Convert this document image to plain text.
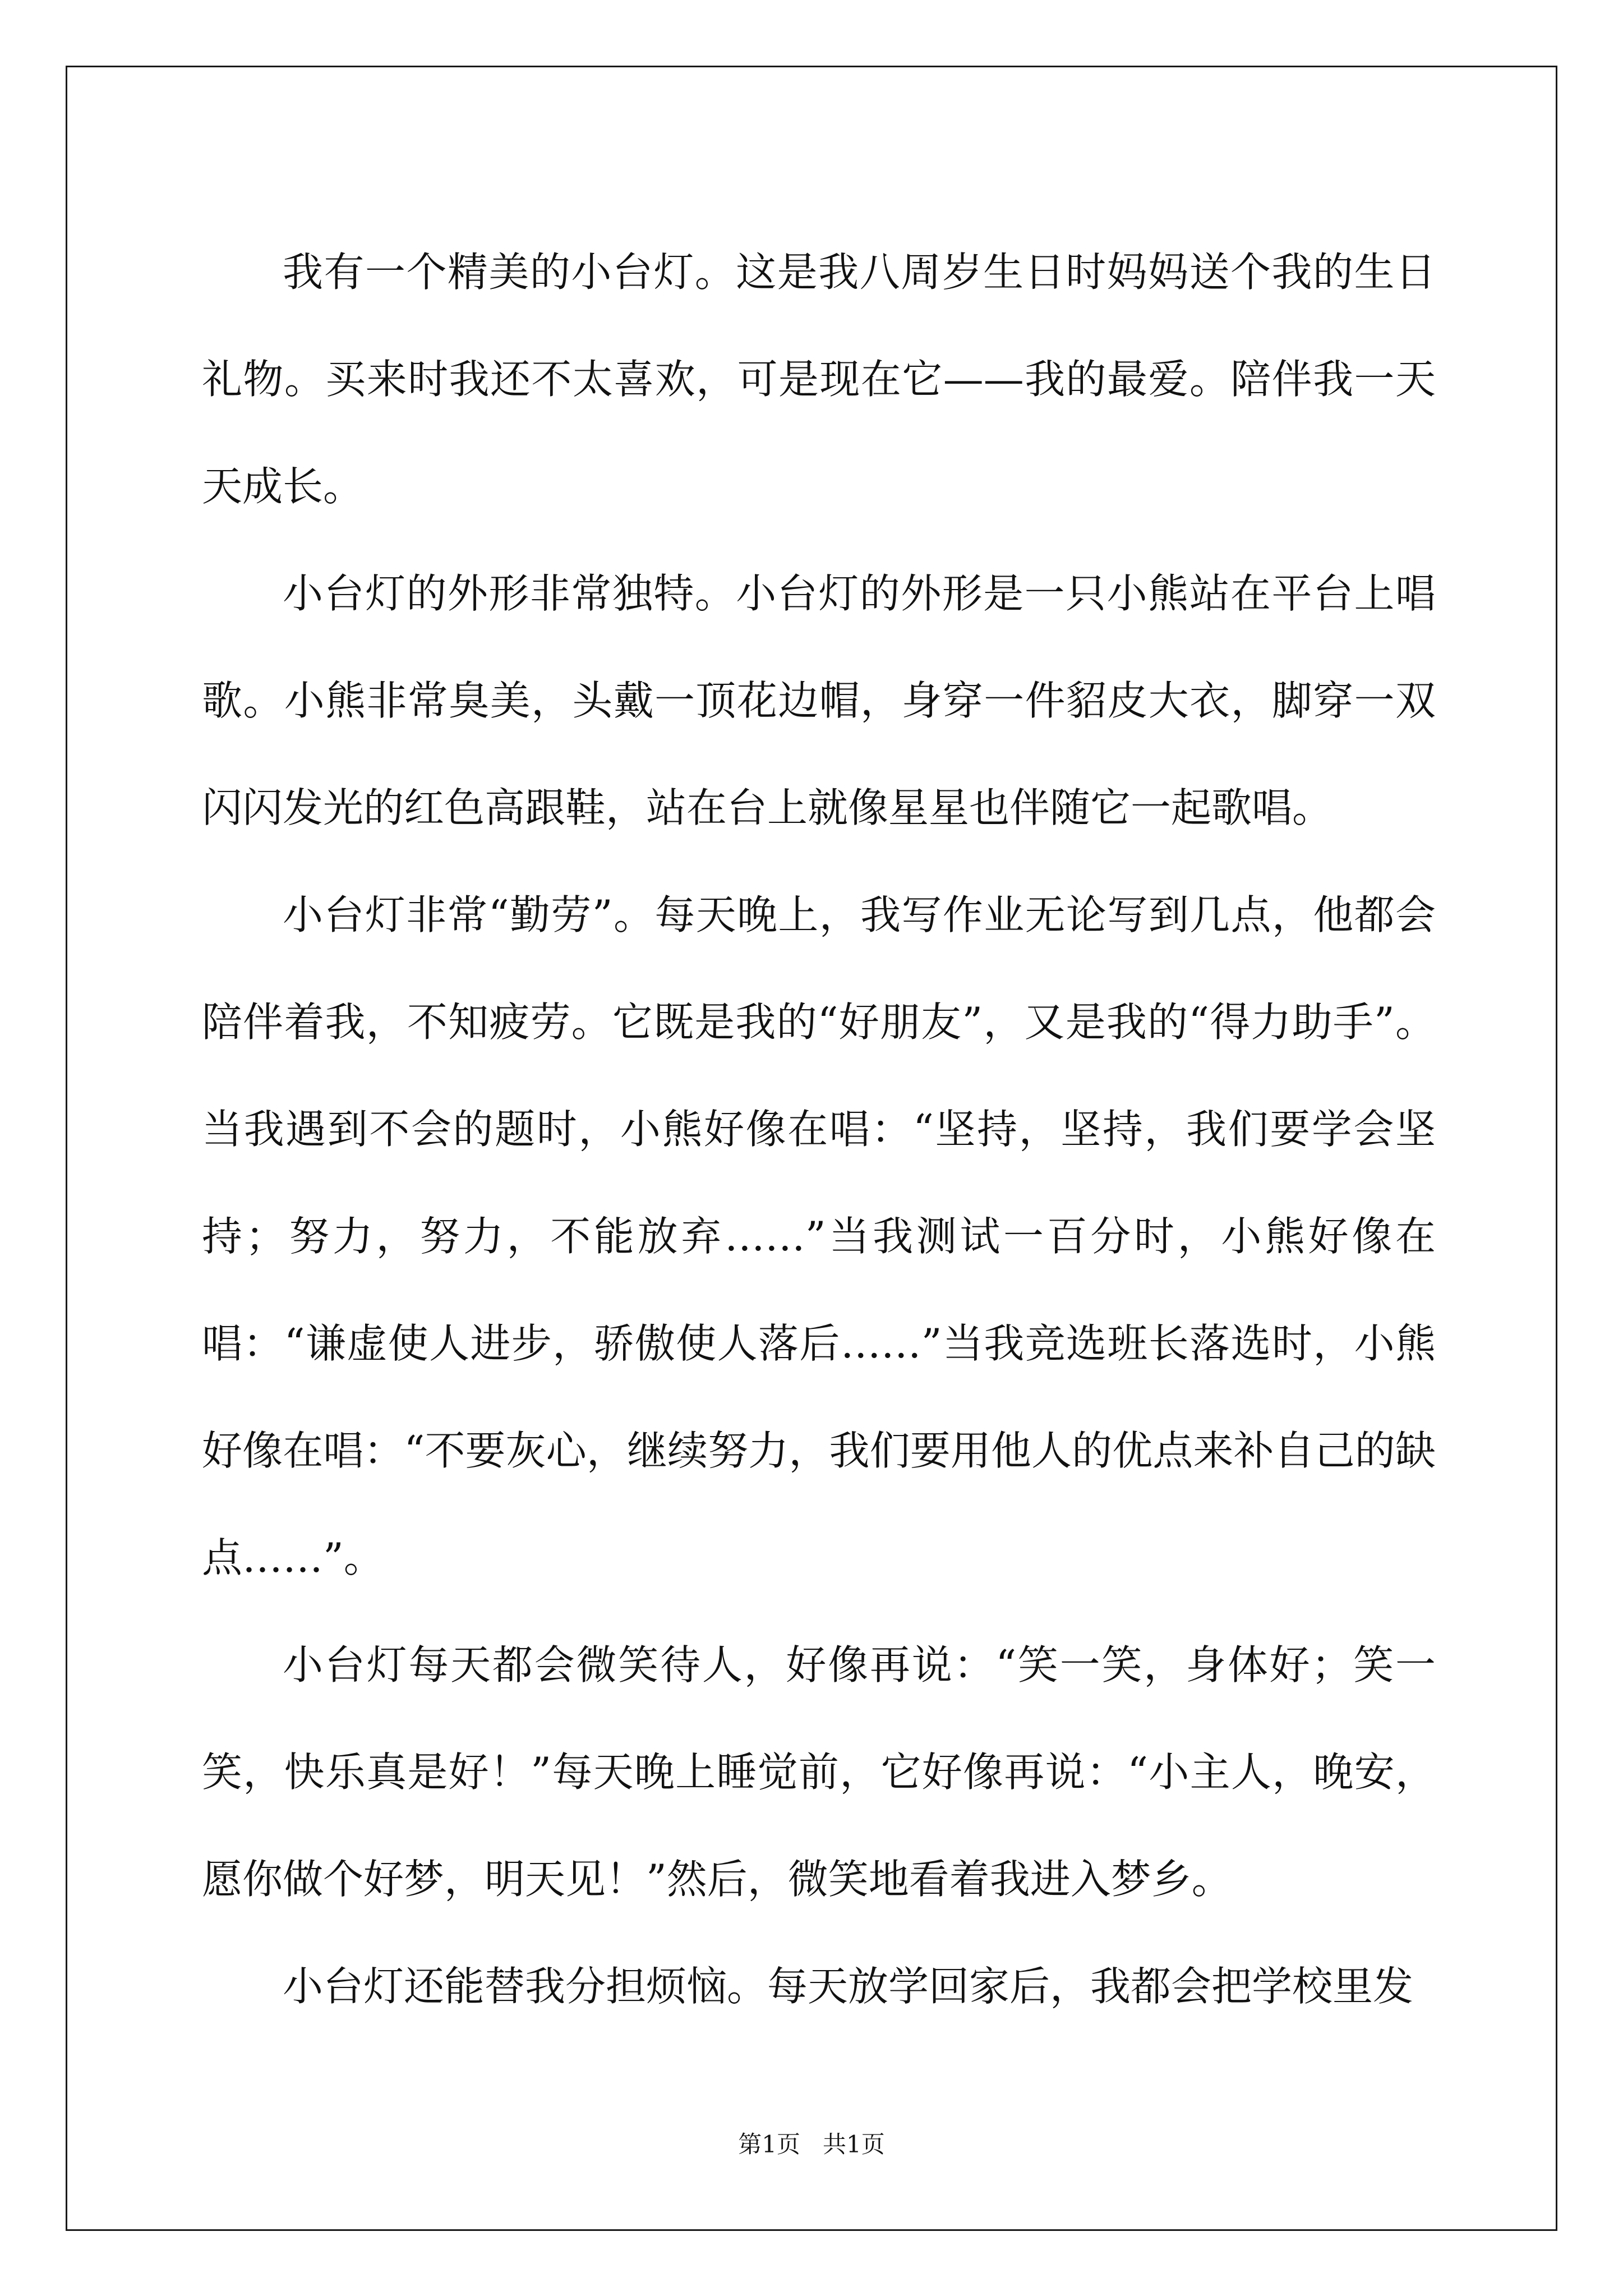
我有一个精美的小台灯。这是我八周岁生日时妈妈送个我的生日礼物。买来时我还不太喜欢，可是现在它——我的最爱。陪伴我一天天成长。

小台灯的外形非常独特。小台灯的外形是一只小熊站在平台上唱歌。小熊非常臭美，头戴一顶花边帽，身穿一件貂皮大衣，脚穿一双闪闪发光的红色高跟鞋，站在台上就像星星也伴随它一起歌唱。

小台灯非常“勤劳”。每天晚上，我写作业无论写到几点，他都会陪伴着我，不知疲劳。它既是我的“好朋友”，又是我的“得力助手”。当我遇到不会的题时，小熊好像在唱：“坚持，坚持，我们要学会坚持；努力，努力，不能放弃……”当我测试一百分时，小熊好像在唱：“谦虚使人进步，骄傲使人落后……”当我竞选班长落选时，小熊好像在唱：“不要灰心，继续努力，我们要用他人的优点来补自己的缺点……”。

小台灯每天都会微笑待人，好像再说：“笑一笑，身体好；笑一笑，快乐真是好！”每天晚上睡觉前，它好像再说：“小主人，晚安，愿你做个好梦，明天见！”然后，微笑地看着我进入梦乡。

小台灯还能替我分担烦恼。每天放学回家后，我都会把学校里发

第1页   共1页
